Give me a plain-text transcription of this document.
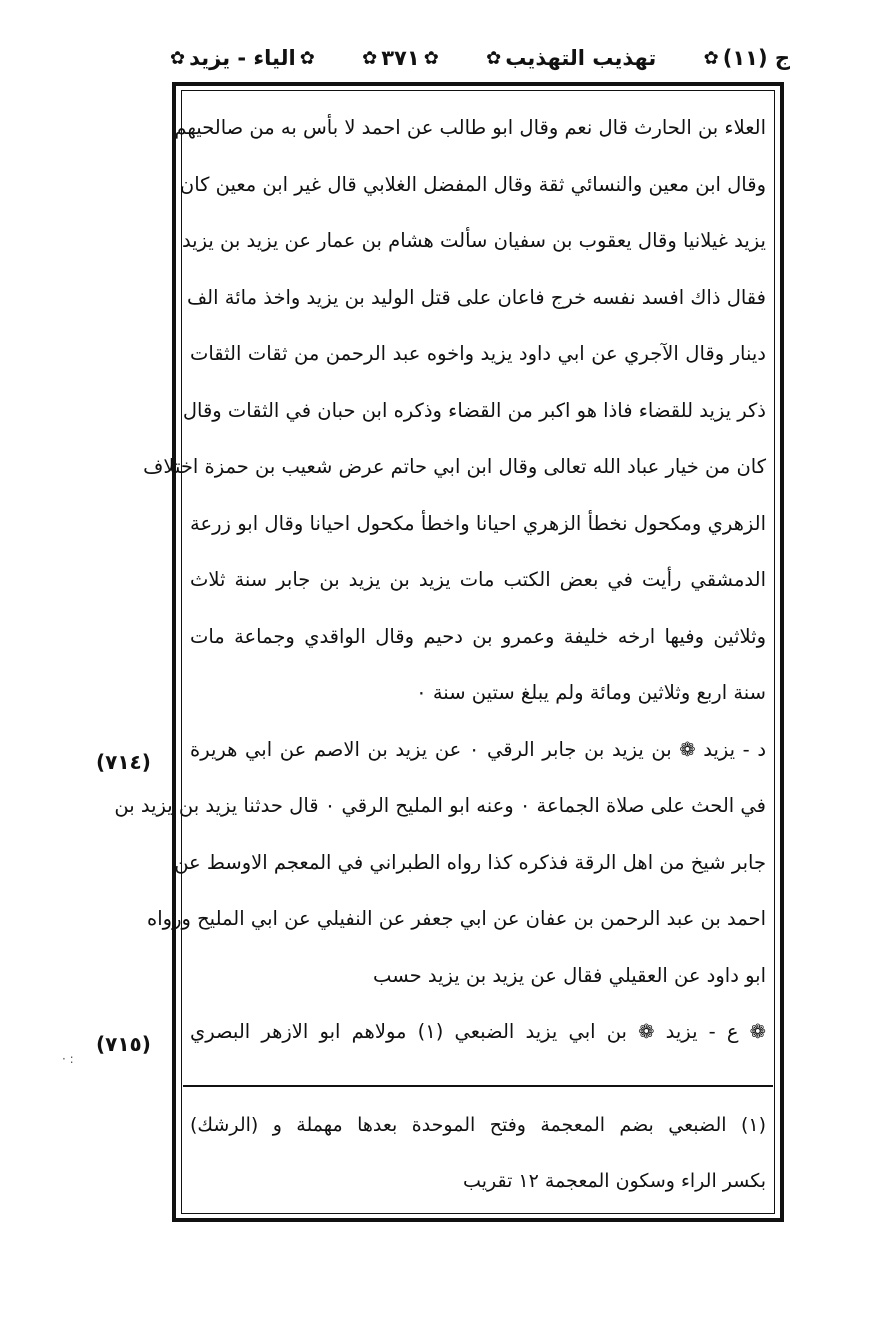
ج (١١)
✿
تهذيب التهذيب
✿
✿
٣٧١
✿
✿
الياء - يزيد
✿
العلاء بن الحارث قال نعم وقال ابو طالب عن احمد لا بأس به من صالحيهم
وقال ابن معين والنسائي ثقة وقال المفضل الغلابي قال غير ابن معين كان
يزيد غيلانيا وقال يعقوب بن سفيان سألت هشام بن عمار عن يزيد بن يزيد
فقال ذاك افسد نفسه خرج فاعان على قتل الوليد بن يزيد واخذ مائة الف
دينار وقال الآجري عن ابي داود يزيد واخوه عبد الرحمن من ثقات الثقات
ذكر يزيد للقضاء فاذا هو اكبر من القضاء وذكره ابن حبان في الثقات وقال
كان من خيار عباد الله تعالى وقال ابن ابي حاتم عرض شعيب بن حمزة اختلاف
الزهري ومكحول نخطأ الزهري احيانا واخطأ مكحول احيانا وقال ابو زرعة
الدمشقي رأيت في بعض الكتب مات يزيد بن يزيد بن جابر سنة ثلاث
وثلاثين وفيها ارخه خليفة وعمرو بن دحيم وقال الواقدي وجماعة مات
سنة اربع وثلاثين ومائة ولم يبلغ ستين سنة ٠
د - يزيد ❁ بن يزيد بن جابر الرقي ٠ عن يزيد بن الاصم عن ابي هريرة
في الحث على صلاة الجماعة ٠ وعنه ابو المليح الرقي ٠ قال حدثنا يزيد بن يزيد بن
جابر شيخ من اهل الرقة فذكره كذا رواه الطبراني في المعجم الاوسط عن
احمد بن عبد الرحمن بن عفان عن ابي جعفر عن النفيلي عن ابي المليح ورواه
ابو داود عن العقيلي فقال عن يزيد بن يزيد حسب
❁ ع - يزيد ❁ بن ابي يزيد الضبعي (١) مولاهم ابو الازهر البصري
(٧١٤)
(٧١٥)
(١) الضبعي بضم المعجمة وفتح الموحدة بعدها مهملة و (الرشك)
بكسر الراء وسكون المعجمة ١٢ تقريب
· :
